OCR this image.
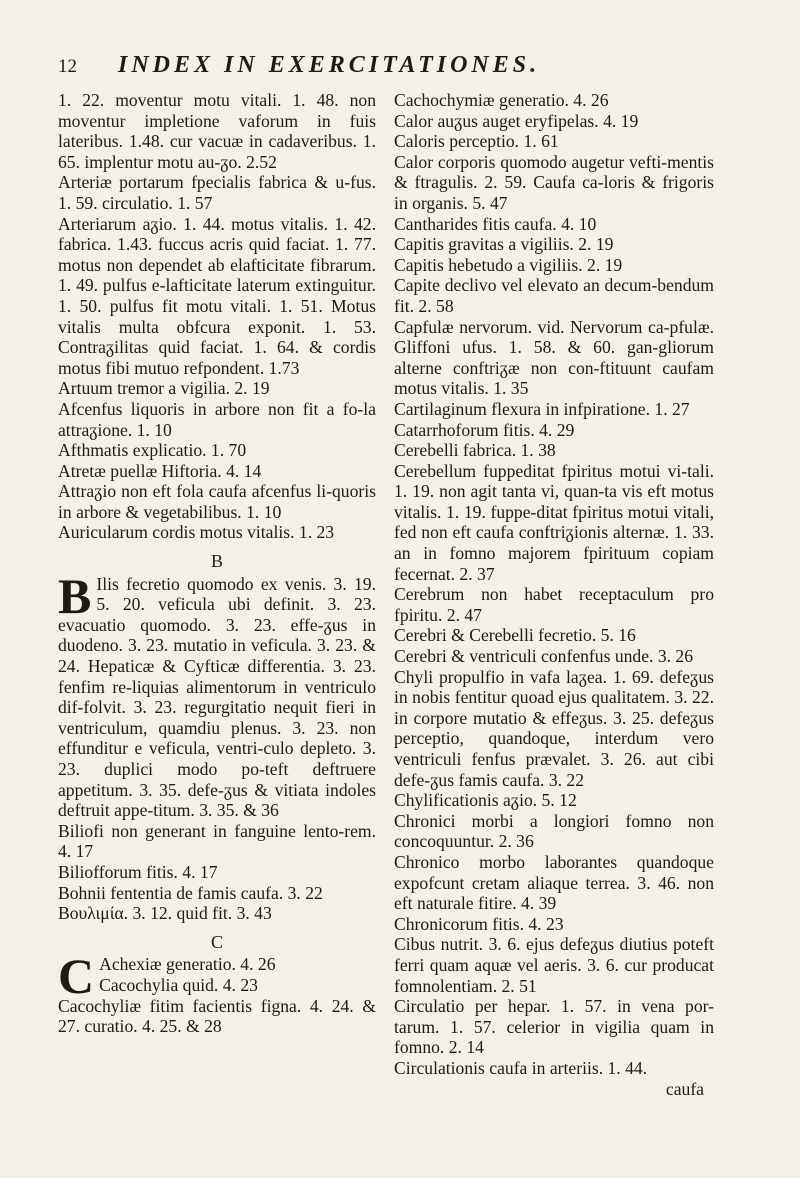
12 INDEX IN EXERCITATIONES.

1. 22. moventur motu vitali. 1. 48. non moventur impletione vaforum in fuis lateribus. 1.48. cur vacuæ in cadaveribus. 1. 65. implentur motu au-ᵹo. 2.52

Arteriæ portarum fpecialis fabrica & u-fus. 1. 59. circulatio. 1. 57

Arteriarum aᵹio. 1. 44. motus vitalis. 1. 42. fabrica. 1.43. fuccus acris quid faciat. 1. 77. motus non dependet ab elafticitate fibrarum. 1. 49. pulfus e-lafticitate laterum extinguitur. 1. 50. pulfus fit motu vitali. 1. 51. Motus vitalis multa obfcura exponit. 1. 53. Contraᵹilitas quid faciat. 1. 64. & cordis motus fibi mutuo refpondent. 1.73

Artuum tremor a vigilia. 2. 19

Afcenfus liquoris in arbore non fit a fo-la attraᵹione. 1. 10

Afthmatis explicatio. 1. 70

Atretæ puellæ Hiftoria. 4. 14

Attraᵹio non eft fola caufa afcenfus li-quoris in arbore & vegetabilibus. 1. 10

Auricularum cordis motus vitalis. 1. 23

B

B Ilis fecretio quomodo ex venis. 3. 19. 5. 20. veficula ubi definit. 3. 23. evacuatio quomodo. 3. 23. effe-ᵹus in duodeno. 3. 23. mutatio in veficula. 3. 23. & 24. Hepaticæ & Cyfticæ differentia. 3. 23. fenfim re-liquias alimentorum in ventriculo dif-folvit. 3. 23. regurgitatio nequit fieri in ventriculum, quamdiu plenus. 3. 23. non effunditur e veficula, ventri-culo depleto. 3. 23. duplici modo po-teft deftruere appetitum. 3. 35. defe-ᵹus & vitiata indoles deftruit appe-titum. 3. 35. & 36

Biliofi non generant in fanguine lento-rem. 4. 17

Biliofforum fitis. 4. 17

Bohnii fententia de famis caufa. 3. 22

Βουλιμία. 3. 12. quid fit. 3. 43

C

C Achexiæ generatio. 4. 26
Cacochylia quid. 4. 23

Cacochyliæ fitim facientis figna. 4. 24. & 27. curatio. 4. 25. & 28

Cachochymiæ generatio. 4. 26

Calor auᵹus auget eryfipelas. 4. 19

Caloris perceptio. 1. 61

Calor corporis quomodo augetur vefti-mentis & ftragulis. 2. 59. Caufa ca-loris & frigoris in organis. 5. 47

Cantharides fitis caufa. 4. 10

Capitis gravitas a vigiliis. 2. 19

Capitis hebetudo a vigiliis. 2. 19

Capite declivo vel elevato an decum-bendum fit. 2. 58

Capfulæ nervorum. vid. Nervorum ca-pfulæ. Gliffoni ufus. 1. 58. & 60. gan-gliorum alterne conftriᵹæ non con-ftituunt caufam motus vitalis. 1. 35

Cartilaginum flexura in infpiratione. 1. 27

Catarrhoforum fitis. 4. 29

Cerebelli fabrica. 1. 38

Cerebellum fuppeditat fpiritus motui vi-tali. 1. 19. non agit tanta vi, quan-ta vis eft motus vitalis. 1. 19. fuppe-ditat fpiritus motui vitali, fed non eft caufa conftriᵹionis alternæ. 1. 33. an in fomno majorem fpirituum copiam fecernat. 2. 37

Cerebrum non habet receptaculum pro fpiritu. 2. 47

Cerebri & Cerebelli fecretio. 5. 16

Cerebri & ventriculi confenfus unde. 3. 26

Chyli propulfio in vafa laᵹea. 1. 69. defeᵹus in nobis fentitur quoad ejus qualitatem. 3. 22. in corpore mutatio & effeᵹus. 3. 25. defeᵹus perceptio, quandoque, interdum vero ventriculi fenfus prævalet. 3. 26. aut cibi defe-ᵹus famis caufa. 3. 22

Chylificationis aᵹio. 5. 12

Chronici morbi a longiori fomno non concoquuntur. 2. 36

Chronico morbo laborantes quandoque expofcunt cretam aliaque terrea. 3. 46. non eft naturale fitire. 4. 39

Chronicorum fitis. 4. 23

Cibus nutrit. 3. 6. ejus defeᵹus diutius poteft ferri quam aquæ vel aeris. 3. 6. cur producat fomnolentiam. 2. 51

Circulatio per hepar. 1. 57. in vena por-tarum. 1. 57. celerior in vigilia quam in fomno. 2. 14

Circulationis caufa in arteriis. 1. 44.

caufa
